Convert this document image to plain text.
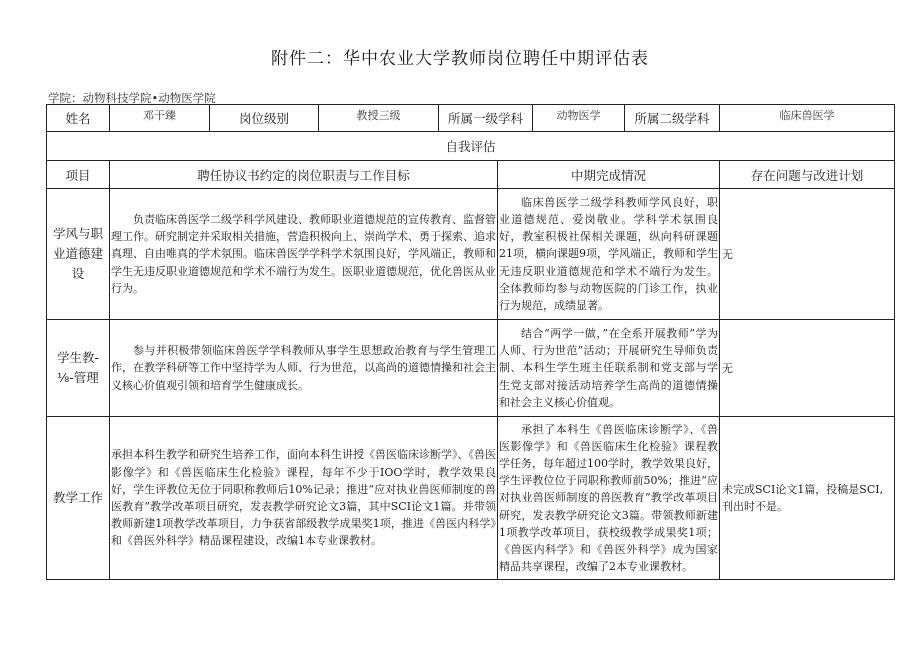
附件二：华中农业大学教师岗位聘任中期评估表
学院：动物科技学院•动物医学院
姓名	邓干臻	岗位级别	教授三级	所属一级学科		动物医学	所属二级学科	临床兽医学
自我评估								
项目	聘任协议书约定的岗位职责与工作目标				中期完成情况			存在问题与改进计划
学风与职业道德建设	负责临床兽医学二级学科学风建设、教师职业道德规范的宣传教育、监督管理工作。研究制定并采取相关措施，营造积极向上、崇尚学术、勇于探索、追求真理、自由唯真的学术氛围。临床兽医学学科学术氛围良好，学风端正，教师和学生无违反职业道德规范和学术不端行为发生。医职业道德规范，优化兽医从业行为。				临床兽医学二级学科教师学风良好，职业道德规范、爱岗敬业。学科学术氛围良好，教室积极社保相关课题，纵向科研课题21项，横向课题9项，学风端正，教师和学生无违反职业道德规范和学术不端行为发生。全体教师均参与动物医院的门诊工作，执业行为规范，成绩显著。			无
学生教-⅛-管理	参与并积极带领临床兽医学学科教师从事学生思想政治教育与学生管理工作，在教学科研等工作中坚持学为人师、行为世范，以高尚的道德情操和社会主义核心价值观引领和培育学生健康成长。				结合“两学一做，”在全系开展教师”学为人师、行为世范”活动；开展研究生导师负责制、本科生学生班主任联系制和党支部与学生党支部对接活动培养学生高尚的道德情操和社会主义核心价值观。			无
教学工作	承担本科生教学和研究生培养工作，面向本科生讲授《兽医临床诊断学》、《兽医影像学》和《兽医临床生化检验》课程，每年不少于IOO学时，教学效果良好，学生评教位无位于同职称教师后10%记录；推进“应对执业兽医师制度的兽医教育”教学改革项目研究，发表教学研究论文3篇，其中SCI论文1篇。并带领教师新建1项教学改革项目，力争获省部级教学成果奖1项，推进《兽医内科学》和《兽医外科学》精品课程建设，改编1本专业课教材。				承担了本科生《兽医临床诊断学》、《兽医影像学》和《兽医临床生化检验》课程教学任务，每年超过100学时，教学效果良好，学生评教位位于同职称教师前50%；推进“应对执业兽医师制度的兽医教育”教学改革项目研究，发表教学研究论文3篇。带领教师新建1项教学改革项目，获校级教学成果奖1项；《兽医内科学》和《兽医外科学》成为国家精品共享课程，改编了2本专业课教材。			未完成SCI论文1篇，投稿是SCI,刊出时不是。
